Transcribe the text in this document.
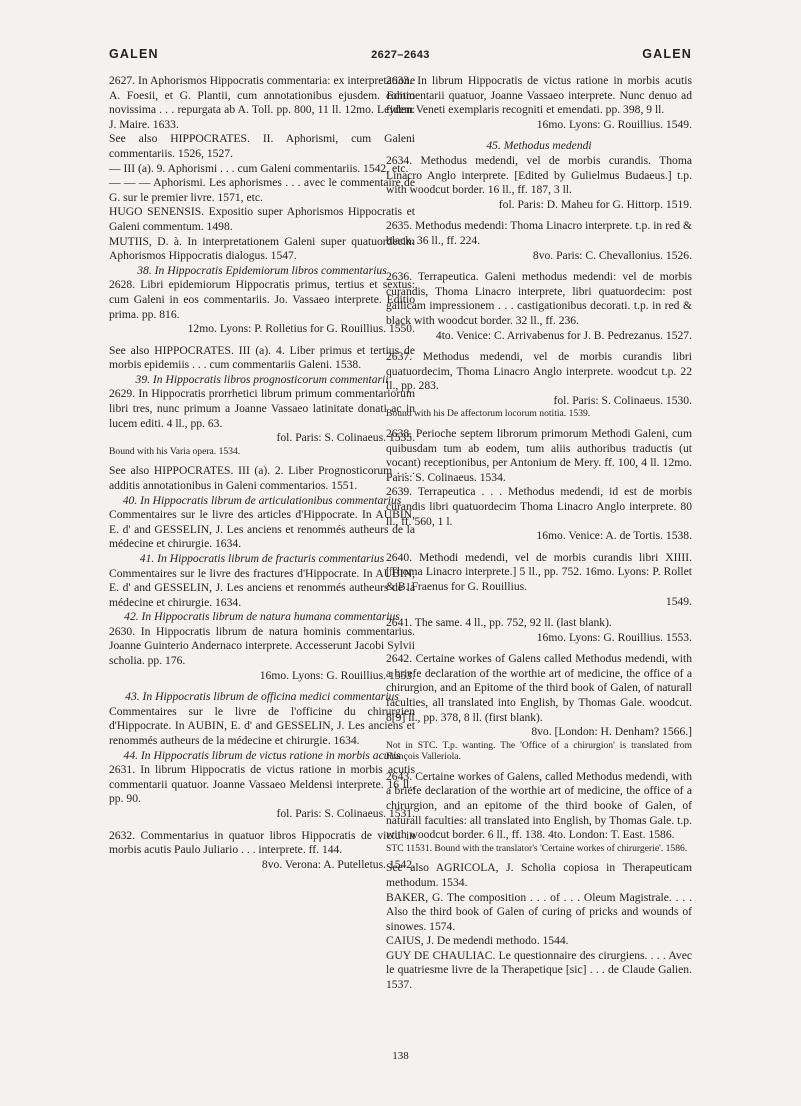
GALEN	2627–2643	GALEN

2627. In Aphorismos Hippocratis commentaria: ex interpretatione A. Foesii, et G. Plantii, cum annotationibus ejusdem. Editio novissima . . . repurgata ab A. Toll. pp. 800, 11 ll. 12mo. Leyden: J. Maire. 1633.

See also HIPPOCRATES. II. Aphorismi, cum Galeni commentariis. 1526, 1527.

— III (a). 9. Aphorismi . . . cum Galeni commentariis. 1542, etc.

— — — Aphorismi. Les aphorismes . . . avec le commentaire de G. sur le premier livre. 1571, etc.

HUGO SENENSIS. Expositio super Aphorismos Hippocratis et Galeni commentum. 1498.

MUTIIS, D. à. In interpretationem Galeni super quatuordecim Aphorismos Hippocratis dialogus. 1547.

38. In Hippocratis Epidemiorum libros commentarius

2628. Libri epidemiorum Hippocratis primus, tertius et sextus: cum Galeni in eos commentariis. Jo. Vassaeo interprete. Editio prima. pp. 816.

12mo. Lyons: P. Rolletius for G. Rouillius. 1550.

See also HIPPOCRATES. III (a). 4. Liber primus et tertius de morbis epidemiis . . . cum commentariis Galeni. 1538.

39. In Hippocratis libros prognosticorum commentarii

2629. In Hippocratis prorrhetici librum primum commentariorum libri tres, nunc primum a Joanne Vassaeo latinitate donati ac in lucem editi. 4 ll., pp. 63.

fol. Paris: S. Colinaeus. 1535.

Bound with his Varia opera. 1534.

See also HIPPOCRATES. III (a). 2. Liber Prognosticorum . . . additis annotationibus in Galeni commentarios. 1551.

40. In Hippocratis librum de articulationibus commentarius

Commentaires sur le livre des articles d'Hippocrate. In AUBIN, E. d' and GESSELIN, J. Les anciens et renommés autheurs de la médecine et chirurgie. 1634.

41. In Hippocratis librum de fracturis commentarius

Commentaires sur le livre des fractures d'Hippocrate. In AUBIN, E. d' and GESSELIN, J. Les anciens et renommés autheurs de la médecine et chirurgie. 1634.

42. In Hippocratis librum de natura humana commentarius

2630. In Hippocratis librum de natura hominis commentarius. Joanne Guinterio Andernaco interprete. Accesserunt Jacobi Sylvii scholia. pp. 176.

16mo. Lyons: G. Rouillius. 1553.

43. In Hippocratis librum de officina medici commentarius

Commentaires sur le livre de l'officine du chirurgien d'Hippocrate. In AUBIN, E. d' and GESSELIN, J. Les anciens et renommés autheurs de la médecine et chirurgie. 1634.

44. In Hippocratis librum de victus ratione in morbis acutis

2631. In librum Hippocratis de victus ratione in morbis acutis commentarii quatuor. Joanne Vassaeo Meldensi interprete. 16 ll., pp. 90.

fol. Paris: S. Colinaeus. 1531.

2632. Commentarius in quatuor libros Hippocratis de victu in morbis acutis Paulo Juliario . . . interprete. ff. 144.

8vo. Verona: A. Putelletus. 1542.

2633. In librum Hippocratis de victus ratione in morbis acutis commentarii quatuor, Joanne Vassaeo interprete. Nunc denuo ad fidem Veneti exemplaris recogniti et emendati. pp. 398, 9 ll.

16mo. Lyons: G. Rouillius. 1549.

45. Methodus medendi

2634. Methodus medendi, vel de morbis curandis. Thoma Linacro Anglo interprete. [Edited by Gulielmus Budaeus.] t.p. with woodcut border. 16 ll., ff. 187, 3 ll.

fol. Paris: D. Maheu for G. Hittorp. 1519.

2635. Methodus medendi: Thoma Linacro interprete. t.p. in red & black. 36 ll., ff. 224.

8vo. Paris: C. Chevallonius. 1526.

2636. Terrapeutica. Galeni methodus medendi: vel de morbis curandis, Thoma Linacro interprete, libri quatuordecim: post gallicam impressionem . . . castigationibus decorati. t.p. in red & black with woodcut border. 32 ll., ff. 236.

4to. Venice: C. Arrivabenus for J. B. Pedrezanus. 1527.

2637. Methodus medendi, vel de morbis curandis libri quatuordecim, Thoma Linacro Anglo interprete. woodcut t.p. 22 ll., pp. 283.

fol. Paris: S. Colinaeus. 1530.

Bound with his De affectorum locorum notitia. 1539.

2638. Perioche septem librorum primorum Methodi Galeni, cum quibusdam tum ab eodem, tum aliis authoribus traductis (ut vocant) receptionibus, per Antonium de Mery. ff. 100, 4 ll. 12mo. Paris: S. Colinaeus. 1534.

2639. Terrapeutica . . . Methodus medendi, id est de morbis curandis libri quatuordecim Thoma Linacro Anglo interprete. 80 ll., ff. 560, 1 l.

16mo. Venice: A. de Tortis. 1538.

2640. Methodi medendi, vel de morbis curandis libri XIIII. [Thoma Linacro interprete.] 5 ll., pp. 752. 16mo. Lyons: P. Rollet & B. Fraenus for G. Rouillius.

1549.

2641. The same. 4 ll., pp. 752, 92 ll. (last blank).

16mo. Lyons: G. Rouillius. 1553.

2642. Certaine workes of Galens called Methodus medendi, with a briefe declaration of the worthie art of medicine, the office of a chirurgion, and an Epitome of the third book of Galen, of naturall faculties, all translated into English, by Thomas Gale. woodcut. 8[9] ll., pp. 378, 8 ll. (first blank).

8vo. [London: H. Denham? 1566.]

Not in STC. T.p. wanting. The 'Office of a chirurgion' is translated from François Valleriola.

2643. Certaine workes of Galens, called Methodus medendi, with a briefe declaration of the worthie art of medicine, the office of a chirurgion, and an epitome of the third booke of Galen, of naturall faculties: all translated into English, by Thomas Gale. t.p. with woodcut border. 6 ll., ff. 138. 4to. London: T. East. 1586.

STC 11531. Bound with the translator's 'Certaine workes of chirurgerie'. 1586.

See also AGRICOLA, J. Scholia copiosa in Therapeuticam methodum. 1534.

BAKER, G. The composition . . . of . . . Oleum Magistrale. . . . Also the third book of Galen of curing of pricks and wounds of sinowes. 1574.

CAIUS, J. De medendi methodo. 1544.

GUY DE CHAULIAC. Le questionnaire des cirurgiens. . . . Avec le quatriesme livre de la Therapetique [sic] . . . de Claude Galien. 1537.

138
